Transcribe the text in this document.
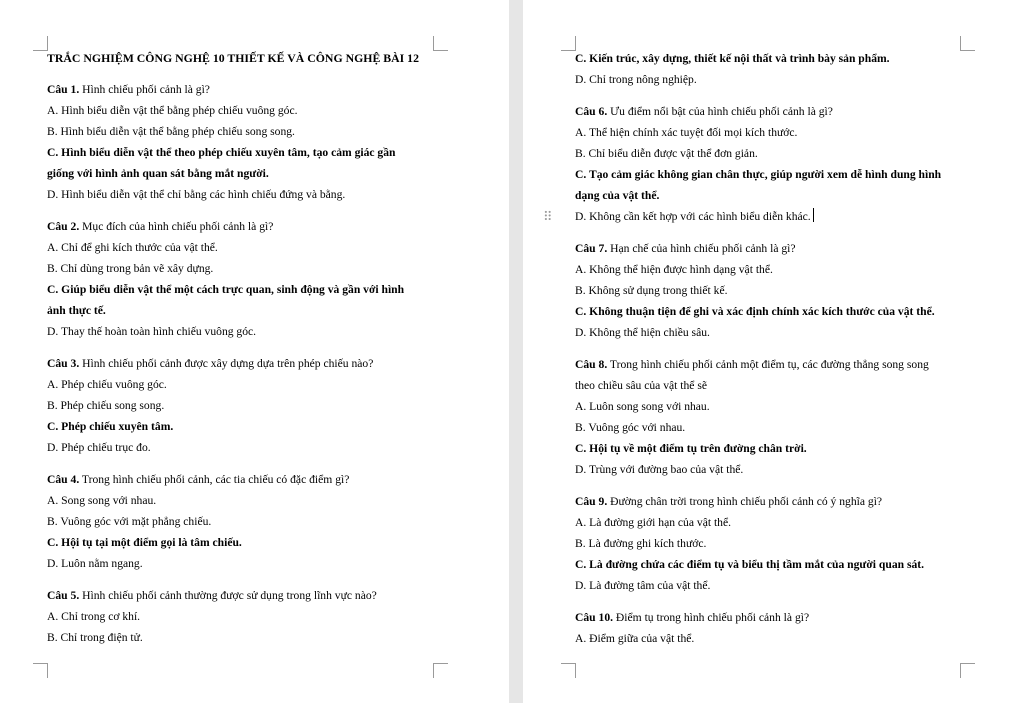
TRẮC NGHIỆM CÔNG NGHỆ 10 THIẾT KẾ VÀ CÔNG NGHỆ BÀI 12
Câu 1. Hình chiếu phối cảnh là gì?
A. Hình biểu diễn vật thể bằng phép chiếu vuông góc.
B. Hình biểu diễn vật thể bằng phép chiếu song song.
C. Hình biểu diễn vật thể theo phép chiếu xuyên tâm, tạo cảm giác gần
giống với hình ảnh quan sát bằng mắt người.
D. Hình biểu diễn vật thể chỉ bằng các hình chiếu đứng và bằng.
Câu 2. Mục đích của hình chiếu phối cảnh là gì?
A. Chỉ để ghi kích thước của vật thể.
B. Chỉ dùng trong bản vẽ xây dựng.
C. Giúp biểu diễn vật thể một cách trực quan, sinh động và gần với hình
ảnh thực tế.
D. Thay thế hoàn toàn hình chiếu vuông góc.
Câu 3. Hình chiếu phối cảnh được xây dựng dựa trên phép chiếu nào?
A. Phép chiếu vuông góc.
B. Phép chiếu song song.
C. Phép chiếu xuyên tâm.
D. Phép chiếu trục đo.
Câu 4. Trong hình chiếu phối cảnh, các tia chiếu có đặc điểm gì?
A. Song song với nhau.
B. Vuông góc với mặt phẳng chiếu.
C. Hội tụ tại một điểm gọi là tâm chiếu.
D. Luôn nằm ngang.
Câu 5. Hình chiếu phối cảnh thường được sử dụng trong lĩnh vực nào?
A. Chỉ trong cơ khí.
B. Chỉ trong điện tử.
⠿
C. Kiến trúc, xây dựng, thiết kế nội thất và trình bày sản phẩm.
D. Chỉ trong nông nghiệp.
Câu 6. Ưu điểm nổi bật của hình chiếu phối cảnh là gì?
A. Thể hiện chính xác tuyệt đối mọi kích thước.
B. Chỉ biểu diễn được vật thể đơn giản.
C. Tạo cảm giác không gian chân thực, giúp người xem dễ hình dung hình
dạng của vật thể.
D. Không cần kết hợp với các hình biểu diễn khác.
Câu 7. Hạn chế của hình chiếu phối cảnh là gì?
A. Không thể hiện được hình dạng vật thể.
B. Không sử dụng trong thiết kế.
C. Không thuận tiện để ghi và xác định chính xác kích thước của vật thể.
D. Không thể hiện chiều sâu.
Câu 8. Trong hình chiếu phối cảnh một điểm tụ, các đường thẳng song song
theo chiều sâu của vật thể sẽ
A. Luôn song song với nhau.
B. Vuông góc với nhau.
C. Hội tụ về một điểm tụ trên đường chân trời.
D. Trùng với đường bao của vật thể.
Câu 9. Đường chân trời trong hình chiếu phối cảnh có ý nghĩa gì?
A. Là đường giới hạn của vật thể.
B. Là đường ghi kích thước.
C. Là đường chứa các điểm tụ và biểu thị tầm mắt của người quan sát.
D. Là đường tâm của vật thể.
Câu 10. Điểm tụ trong hình chiếu phối cảnh là gì?
A. Điểm giữa của vật thể.
